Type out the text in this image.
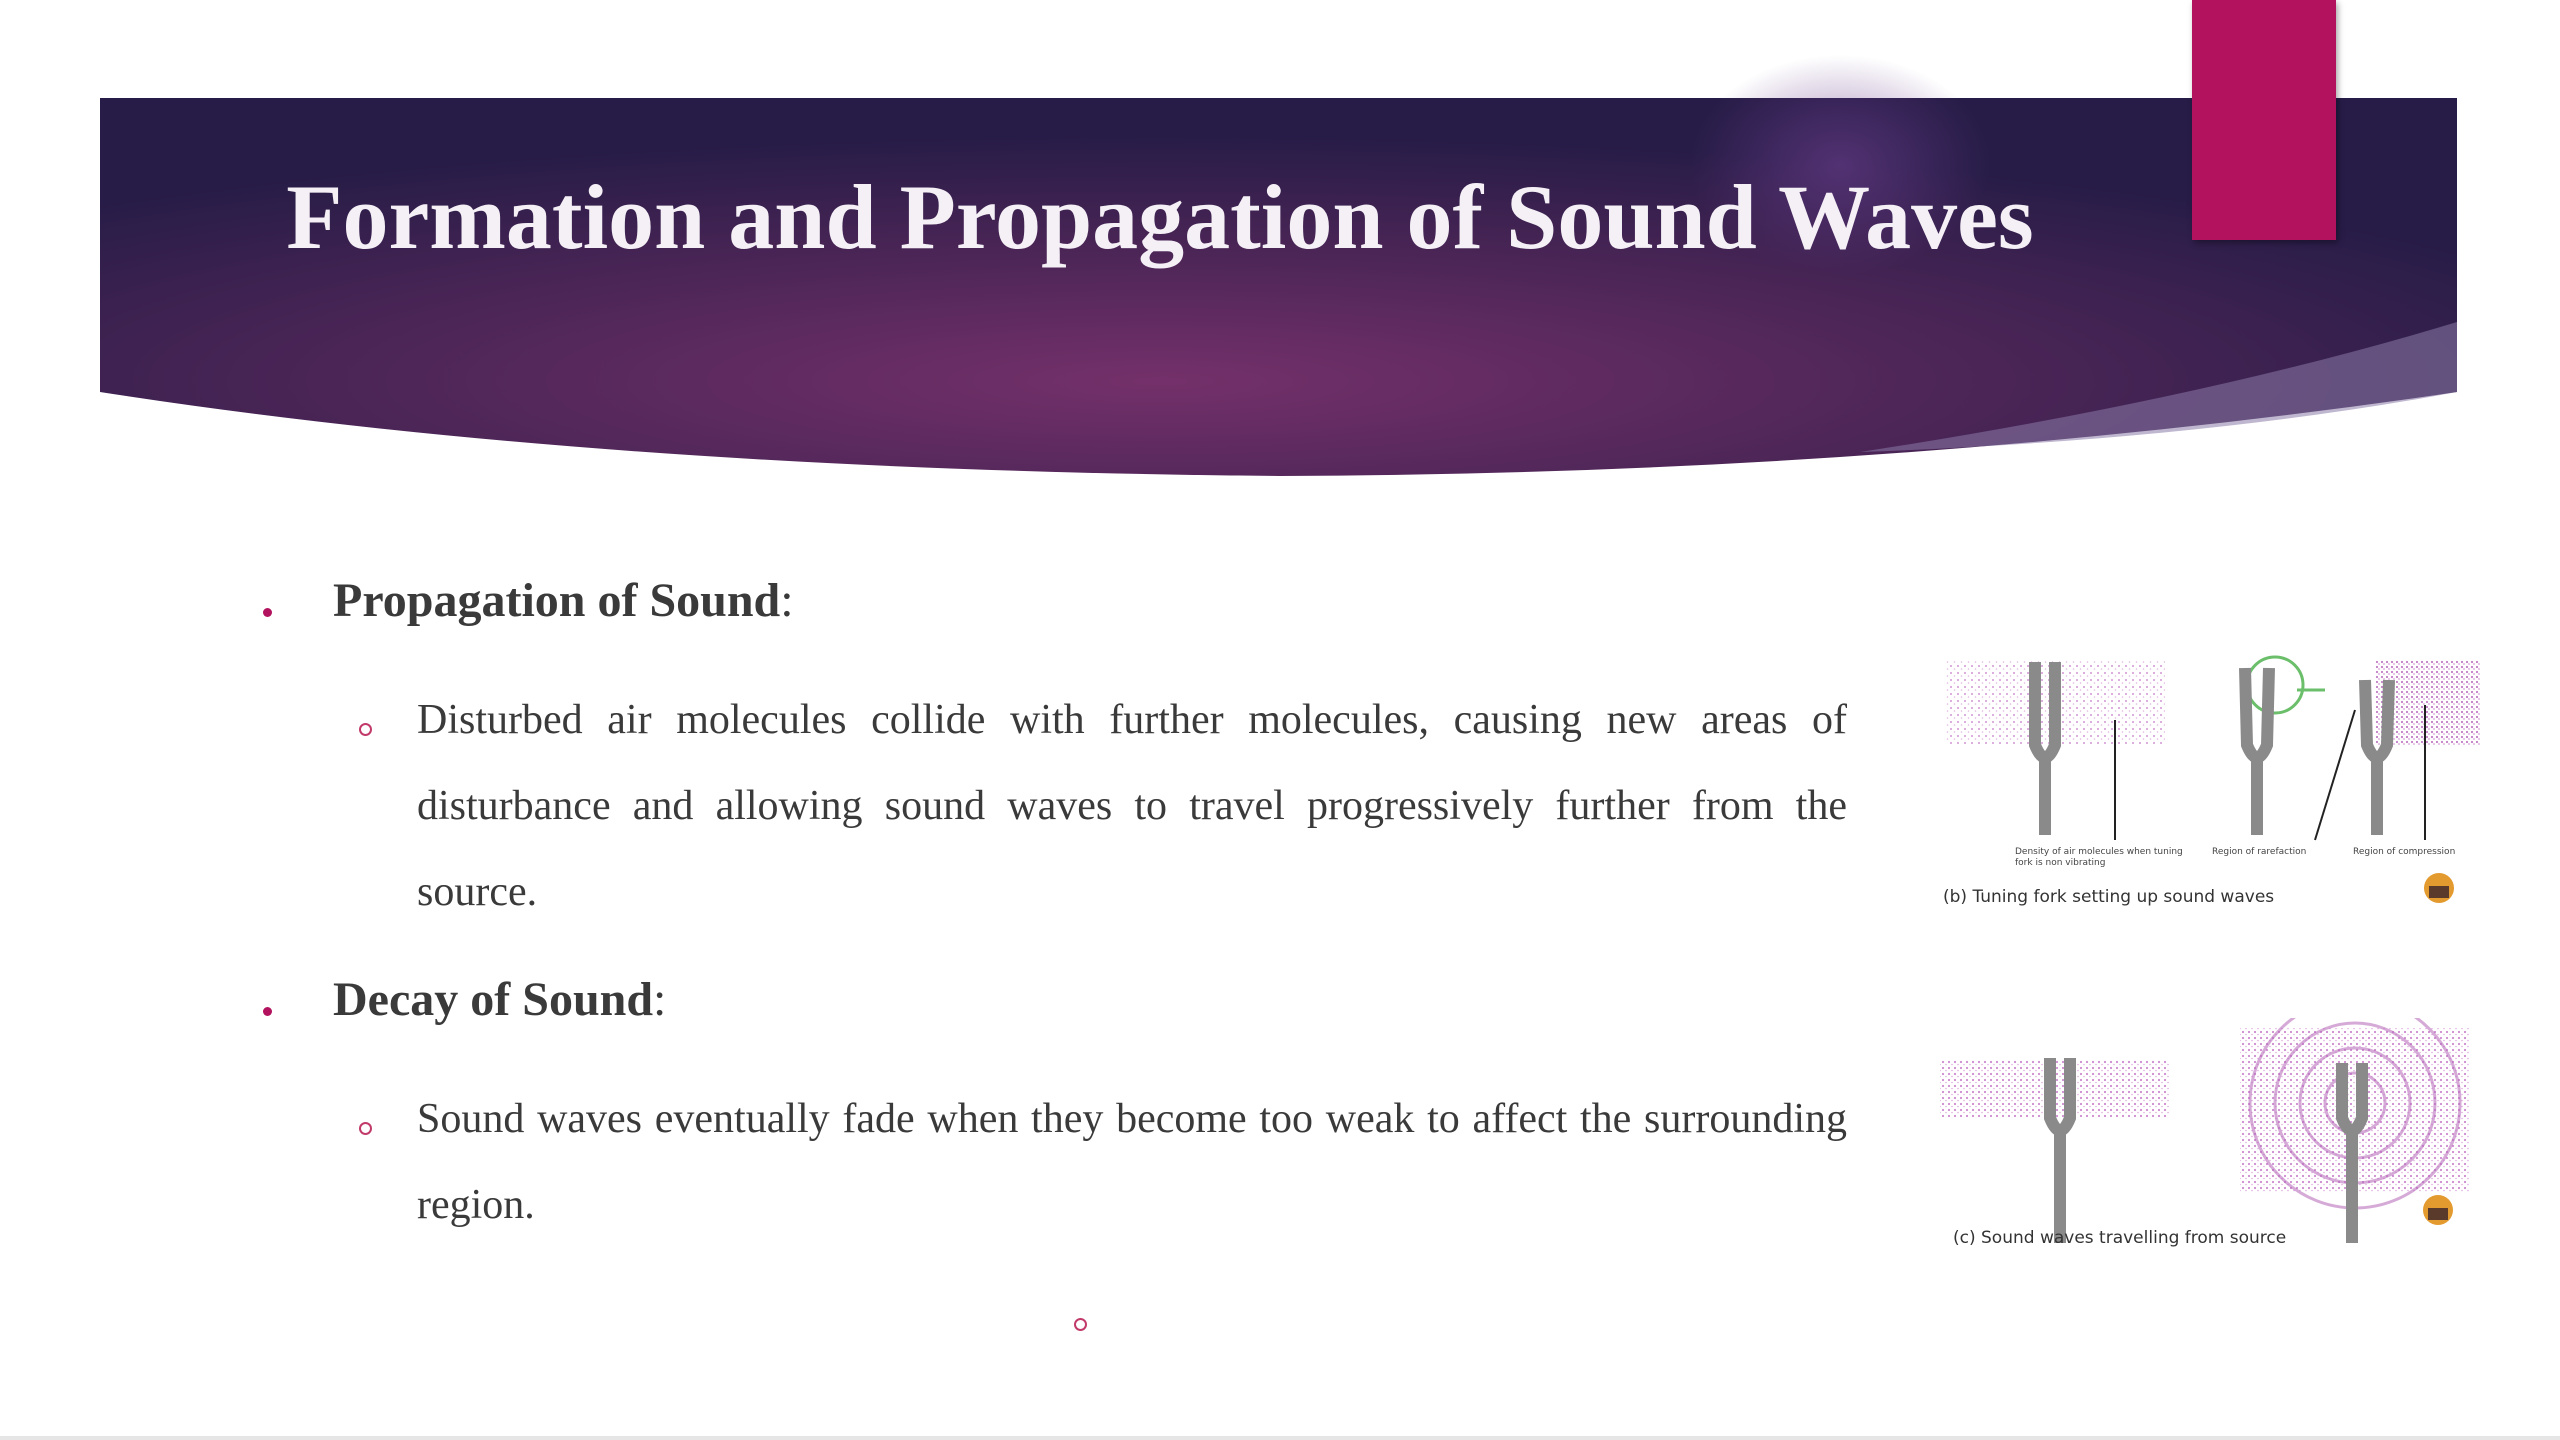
Formation and Propagation of Sound Waves
Propagation of Sound:
Disturbed air molecules collide with further molecules, causing new areas of disturbance and allowing sound waves to travel progressively further from the source.
Decay of Sound:
Sound waves eventually fade when they become too weak to affect the surrounding region.
Density of air molecules when tuning fork is non vibrating
Region of rarefaction	Region of compression
(b) Tuning fork setting up sound waves
(c) Sound waves travelling from source
